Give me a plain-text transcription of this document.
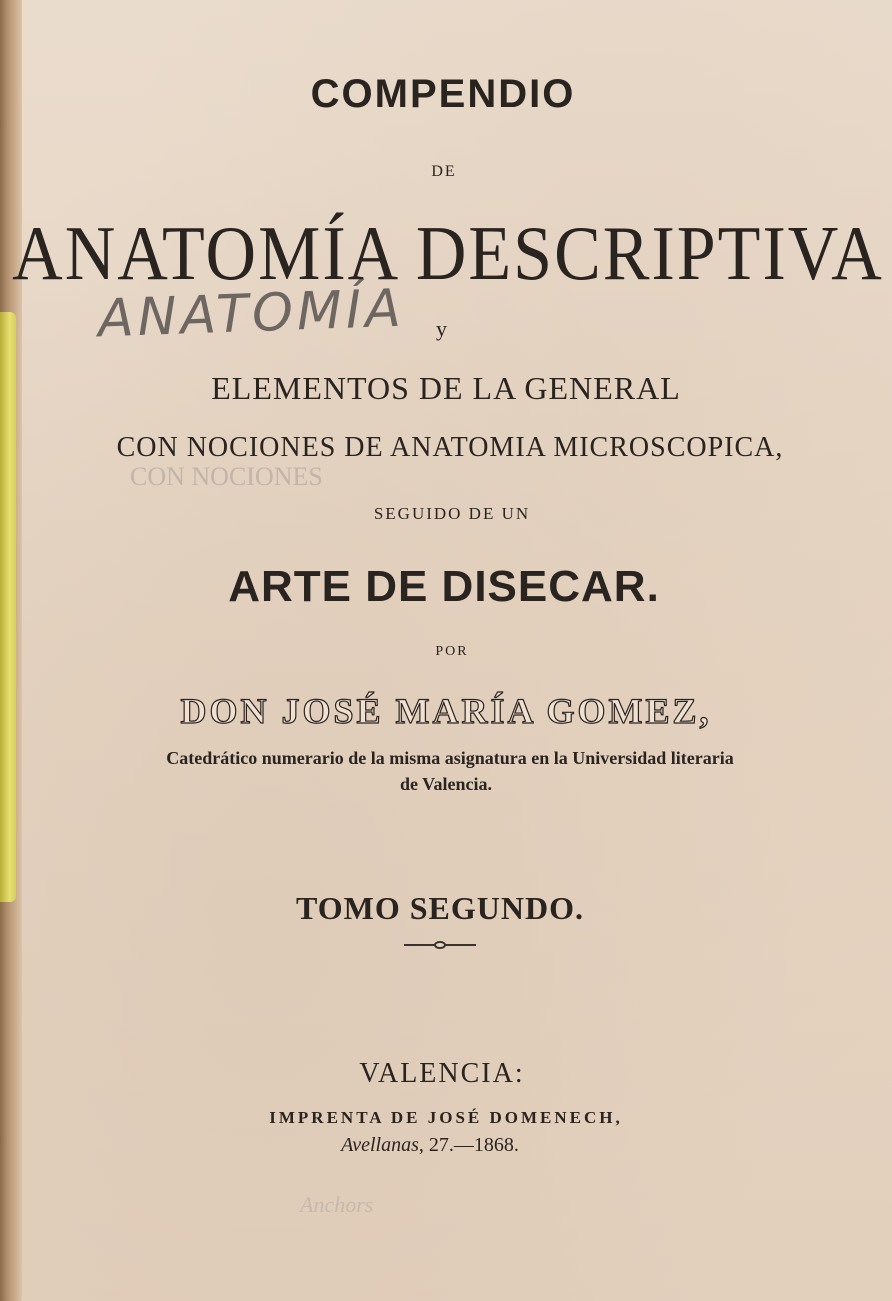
COMPENDIO
DE
ANATOMÍA DESCRIPTIVA
ANATOMÍA y
ELEMENTOS DE LA GENERAL
CON NOCIONES DE ANATOMIA MICROSCOPICA,
CON NOCIONES
SEGUIDO DE UN
ARTE DE DISECAR.
POR
DON JOSÉ MARÍA GOMEZ,
Catedrático numerario de la misma asignatura en la Universidad literaria
de Valencia.
TOMO SEGUNDO.
VALENCIA:
IMPRENTA DE JOSÉ DOMENECH,
Avellanas, 27.—1868.
Anchors
